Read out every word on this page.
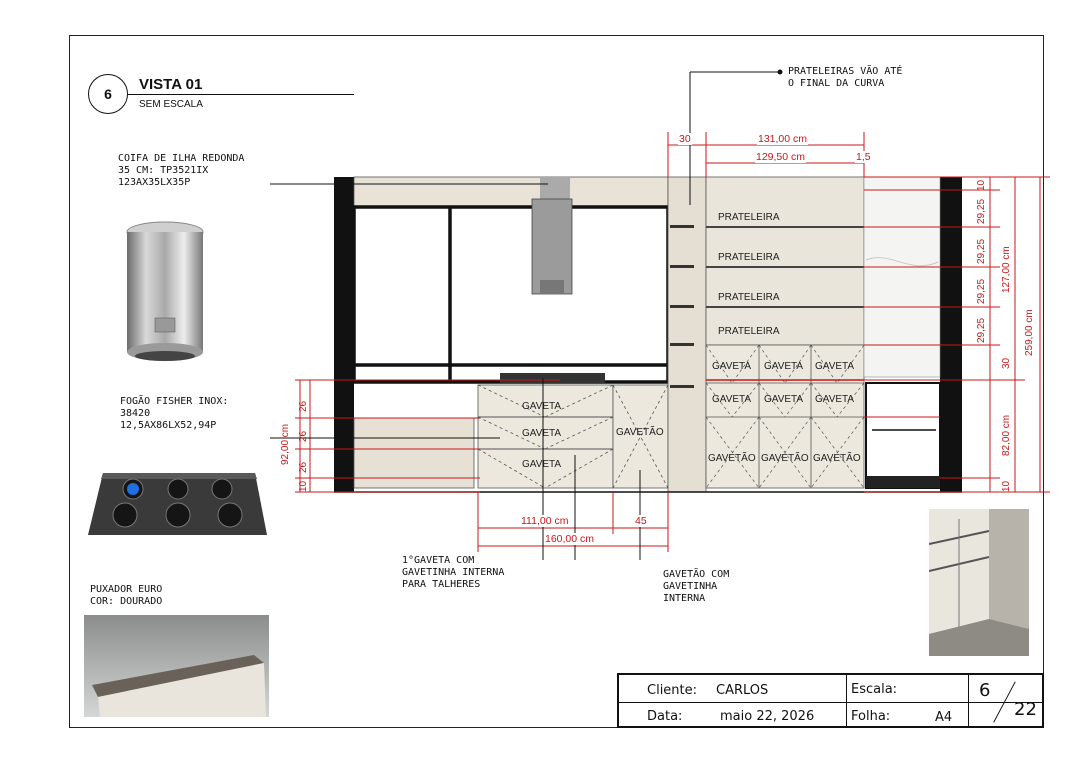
6
VISTA 01
SEM ESCALA
COIFA DE ILHA REDONDA
35 CM: TP3521IX
123AX35LX35P
FOGÃO FISHER INOX:
38420
12,5AX86LX52,94P
PUXADOR EURO
COR: DOURADO
PRATELEIRAS VÃO ATÉ
O FINAL DA CURVA
1°GAVETA COM
GAVETINHA INTERNA
PARA TALHERES
GAVETÃO COM
GAVETINHA
INTERNA
PRATELEIRA
PRATELEIRA
PRATELEIRA
PRATELEIRA
GAVETA GAVETA GAVETA
GAVETA GAVETA GAVETA
GAVETÃO GAVETÃO GAVETÃO
GAVETA
GAVETA
GAVETA
GAVETÃO
30	131,00 cm
129,50 cm	1,5
10
29,25
29,25
29,25
29,25
127,00 cm
30
82,00 cm
10
259,00 cm
26
26
26
10
92,00 cm
111,00 cm	45
160,00 cm
Cliente: CARLOS
Data:	maio 22, 2026
Escala:
Folha:	A4
6
22
